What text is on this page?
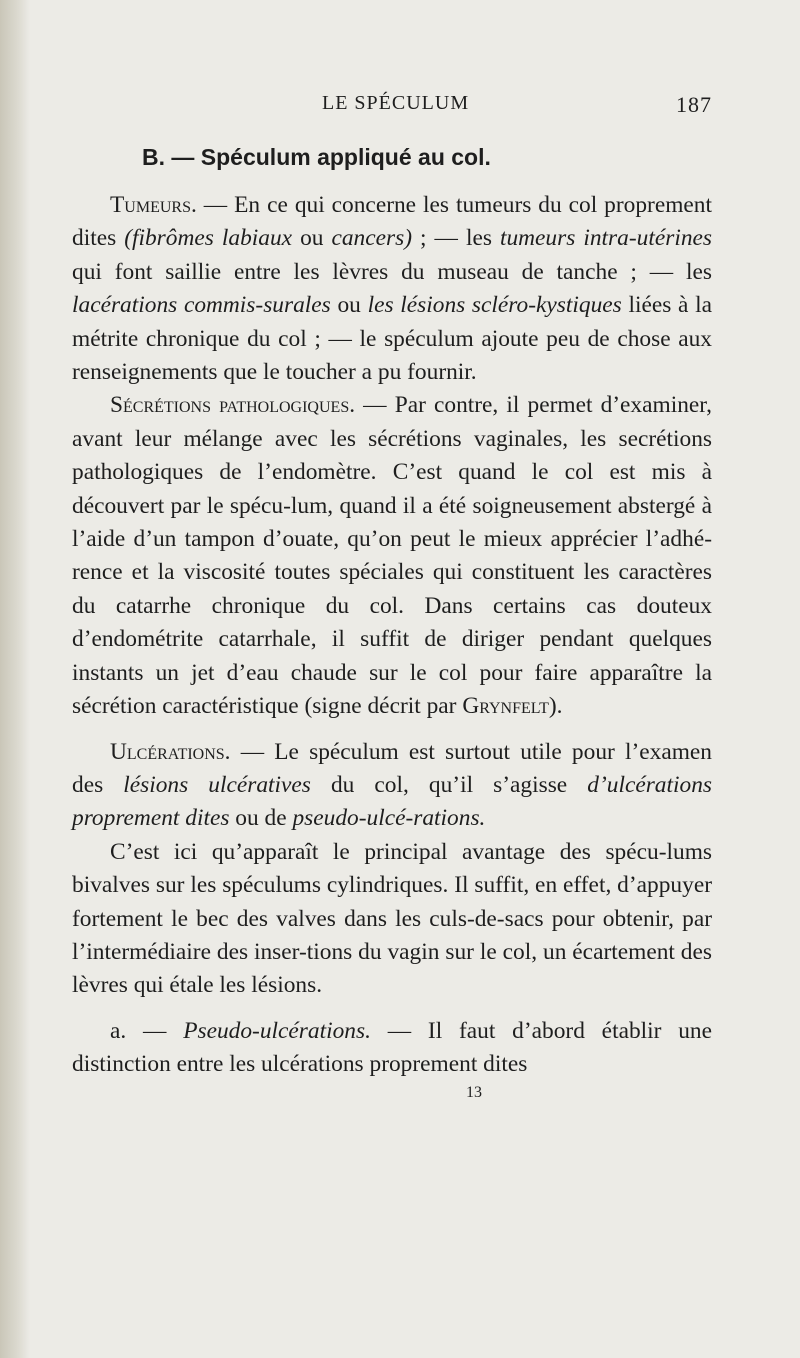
LE SPÉCULUM	187
B. — Spéculum appliqué au col.

Tumeurs. — En ce qui concerne les tumeurs du col proprement dites (fibrômes labiaux ou cancers) ; — les tumeurs intra-utérines qui font saillie entre les lèvres du museau de tanche ; — les lacérations commis-surales ou les lésions scléro-kystiques liées à la métrite chronique du col ; — le spéculum ajoute peu de chose aux renseignements que le toucher a pu fournir.

Sécrétions pathologiques. — Par contre, il permet d’examiner, avant leur mélange avec les sécrétions vaginales, les secrétions pathologiques de l’endomètre. C’est quand le col est mis à découvert par le spécu-lum, quand il a été soigneusement abstergé à l’aide d’un tampon d’ouate, qu’on peut le mieux apprécier l’adhé-rence et la viscosité toutes spéciales qui constituent les caractères du catarrhe chronique du col. Dans certains cas douteux d’endométrite catarrhale, il suffit de diriger pendant quelques instants un jet d’eau chaude sur le col pour faire apparaître la sécrétion caractéristique (signe décrit par Grynfelt).

Ulcérations. — Le spéculum est surtout utile pour l’examen des lésions ulcératives du col, qu’il s’agisse d’ulcérations proprement dites ou de pseudo-ulcé-rations.

C’est ici qu’apparaît le principal avantage des spécu-lums bivalves sur les spéculums cylindriques. Il suffit, en effet, d’appuyer fortement le bec des valves dans les culs-de-sacs pour obtenir, par l’intermédiaire des inser-tions du vagin sur le col, un écartement des lèvres qui étale les lésions.

a. — Pseudo-ulcérations. — Il faut d’abord établir une distinction entre les ulcérations proprement dites

13
